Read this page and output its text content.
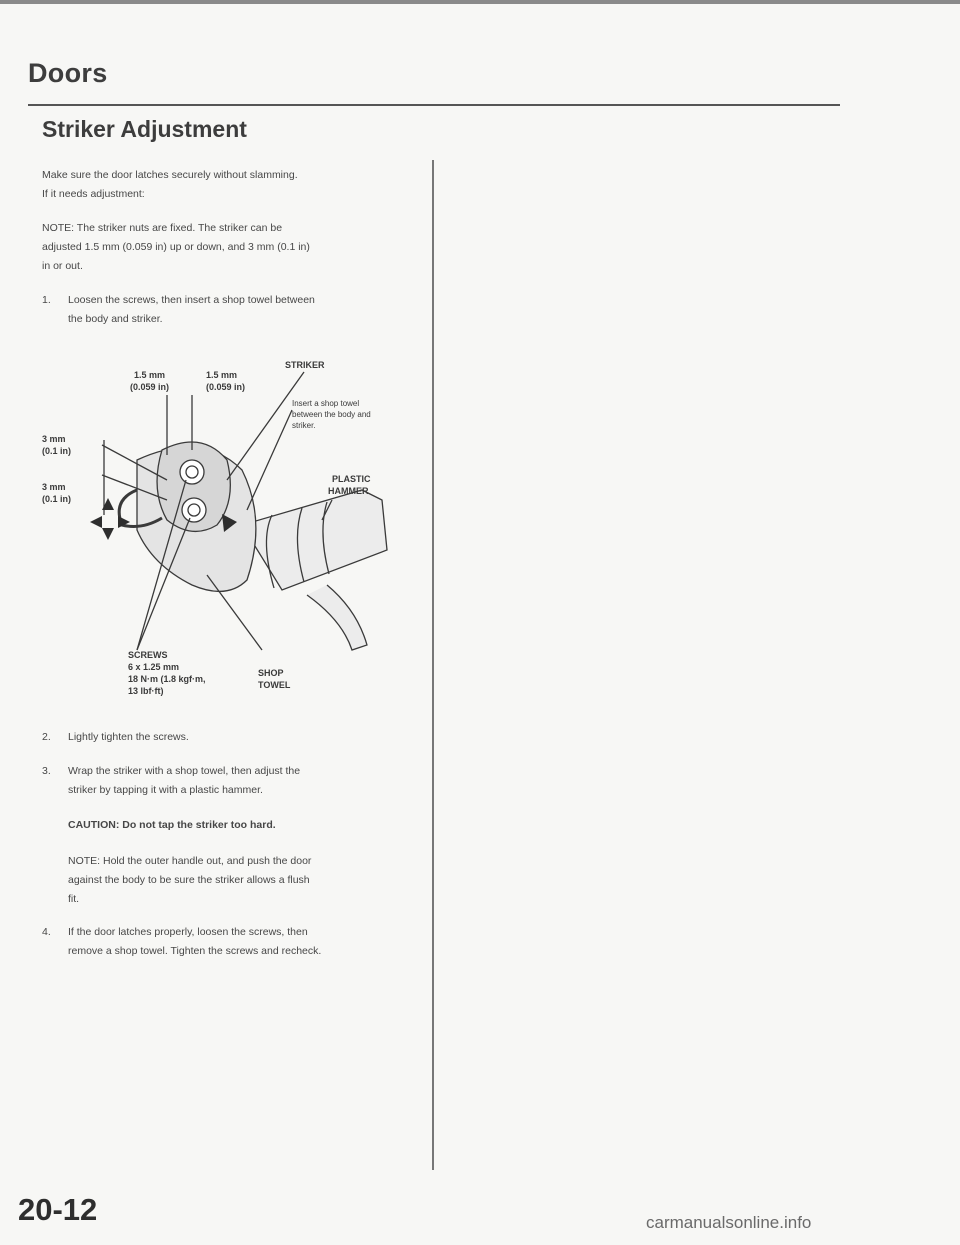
Doors
Striker Adjustment

Make sure the door latches securely without slamming.

If it needs adjustment:

NOTE: The striker nuts are fixed. The striker can be

adjusted 1.5 mm (0.059 in) up or down, and 3 mm (0.1 in)

in or out.

1. Loosen the screws, then insert a shop towel between

the body and striker.

STRIKER
1.5 mm
(0.059 in)
1.5 mm
(0.059 in)
3 mm
(0.1 in)
3 mm
(0.1 in)
PLASTIC
HAMMER
SCREWS
6 x 1.25 mm
18 N·m (1.8 kgf·m,
13 lbf·ft)
SHOP
TOWEL
Insert a shop towel
between the body and
striker.
2. Lightly tighten the screws.

3. Wrap the striker with a shop towel, then adjust the

striker by tapping it with a plastic hammer.

CAUTION: Do not tap the striker too hard.

NOTE: Hold the outer handle out, and push the door

against the body to be sure the striker allows a flush

fit.

4. If the door latches properly, loosen the screws, then

remove a shop towel. Tighten the screws and recheck.

20-12	carmanualsonline.info
